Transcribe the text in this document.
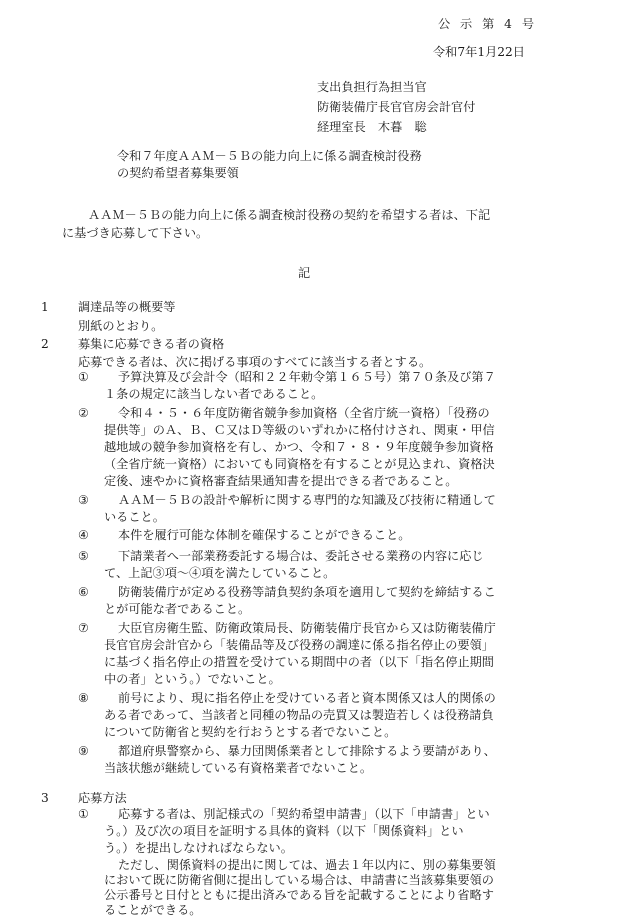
公 示 第 4 号
令和7年1月22日
支出負担行為担当官
防衛装備庁長官官房会計官付
経理室長　木暮　聡
令和７年度ＡＡＭ－５Ｂの能力向上に係る調査検討役務
の契約希望者募集要領
ＡＡＭ－５Ｂの能力向上に係る調査検討役務の契約を希望する者は、下記
に基づき応募して下さい。
記
1 調達品等の概要等
別紙のとおり。
2 募集に応募できる者の資格
応募できる者は、次に掲げる事項のすべてに該当する者とする。
① 予算決算及び会計令（昭和２２年勅令第１６５号）第７０条及び第７
１条の規定に該当しない者であること。
② 令和４・５・６年度防衛省競争参加資格（全省庁統一資格）「役務の
提供等」のＡ、Ｂ、Ｃ又はＤ等級のいずれかに格付けされ、関東・甲信
越地域の競争参加資格を有し、かつ、令和７・８・９年度競争参加資格
（全省庁統一資格）においても同資格を有することが見込まれ、資格決
定後、速やかに資格審査結果通知書を提出できる者であること。
③ ＡＡＭ－５Ｂの設計や解析に関する専門的な知識及び技術に精通して
いること。
④ 本件を履行可能な体制を確保することができること。
⑤ 下請業者へ一部業務委託する場合は、委託させる業務の内容に応じ
て、上記③項～④項を満たしていること。
⑥ 防衛装備庁が定める役務等請負契約条項を適用して契約を締結するこ
とが可能な者であること。
⑦ 大臣官房衛生監、防衛政策局長、防衛装備庁長官から又は防衛装備庁
長官官房会計官から「装備品等及び役務の調達に係る指名停止の要領」
に基づく指名停止の措置を受けている期間中の者（以下「指名停止期間
中の者」という。）でないこと。
⑧ 前号により、現に指名停止を受けている者と資本関係又は人的関係の
ある者であって、当該者と同種の物品の売買又は製造若しくは役務請負
について防衛省と契約を行おうとする者でないこと。
⑨ 都道府県警察から、暴力団関係業者として排除するよう要請があり、
当該状態が継続している有資格業者でないこと。
3 応募方法
① 応募する者は、別記様式の「契約希望申請書」（以下「申請書」とい
う。）及び次の項目を証明する具体的資料（以下「関係資料」とい
う。）を提出しなければならない。
ただし、関係資料の提出に関しては、過去１年以内に、別の募集要領
において既に防衛省側に提出している場合は、申請書に当該募集要領の
公示番号と日付とともに提出済みである旨を記載することにより省略す
ることができる。
